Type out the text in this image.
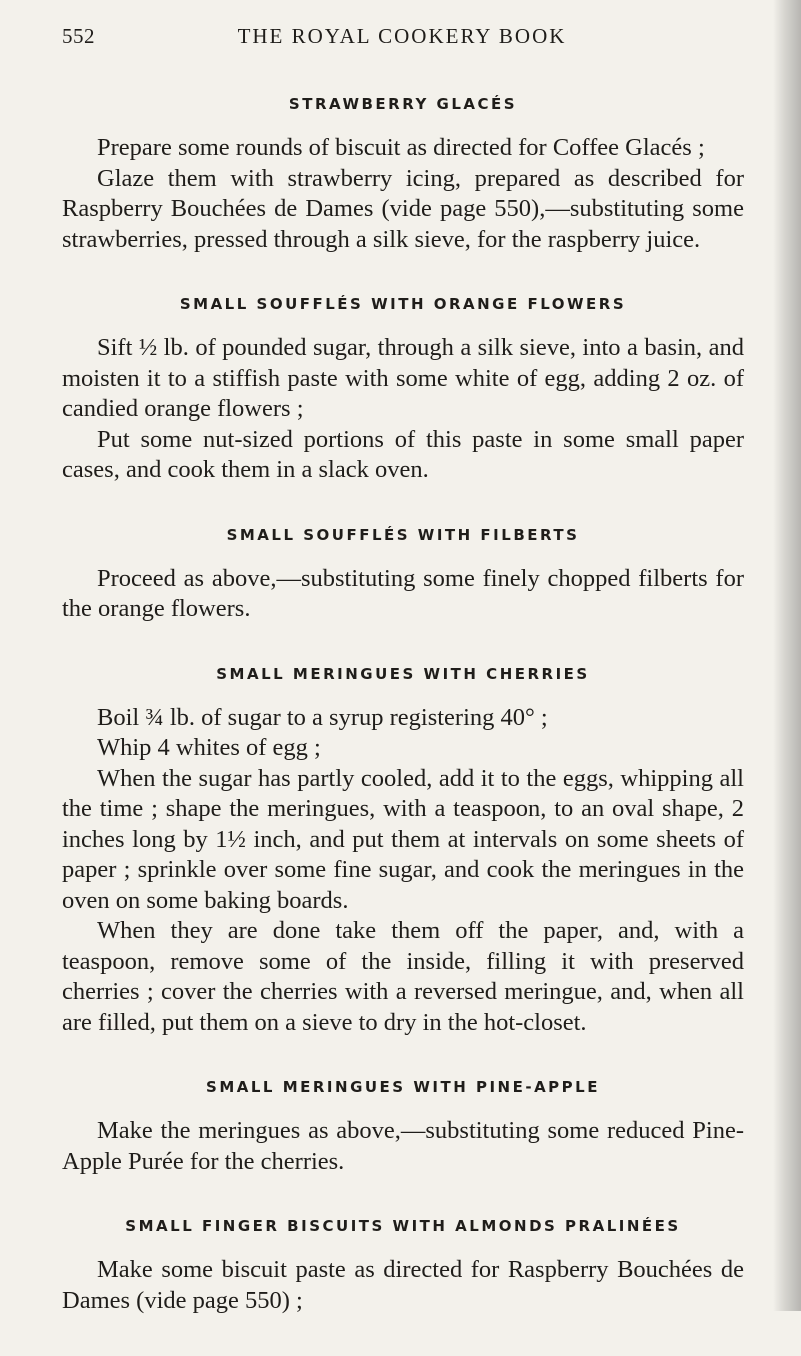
552	THE ROYAL COOKERY BOOK
STRAWBERRY GLACÉS

Prepare some rounds of biscuit as directed for Coffee Glacés ;

Glaze them with strawberry icing, prepared as described for Raspberry Bouchées de Dames (vide page 550),—substituting some strawberries, pressed through a silk sieve, for the raspberry juice.

SMALL SOUFFLÉS WITH ORANGE FLOWERS

Sift ½ lb. of pounded sugar, through a silk sieve, into a basin, and moisten it to a stiffish paste with some white of egg, adding 2 oz. of candied orange flowers ;

Put some nut-sized portions of this paste in some small paper cases, and cook them in a slack oven.

SMALL SOUFFLÉS WITH FILBERTS

Proceed as above,—substituting some finely chopped filberts for the orange flowers.

SMALL MERINGUES WITH CHERRIES

Boil ¾ lb. of sugar to a syrup registering 40° ;

Whip 4 whites of egg ;

When the sugar has partly cooled, add it to the eggs, whipping all the time ; shape the meringues, with a teaspoon, to an oval shape, 2 inches long by 1½ inch, and put them at intervals on some sheets of paper ; sprinkle over some fine sugar, and cook the meringues in the oven on some baking boards.

When they are done take them off the paper, and, with a teaspoon, remove some of the inside, filling it with preserved cherries ; cover the cherries with a reversed meringue, and, when all are filled, put them on a sieve to dry in the hot-closet.

SMALL MERINGUES WITH PINE-APPLE

Make the meringues as above,—substituting some reduced Pine-Apple Purée for the cherries.

SMALL FINGER BISCUITS WITH ALMONDS PRALINÉES

Make some biscuit paste as directed for Raspberry Bouchées de Dames (vide page 550) ;
